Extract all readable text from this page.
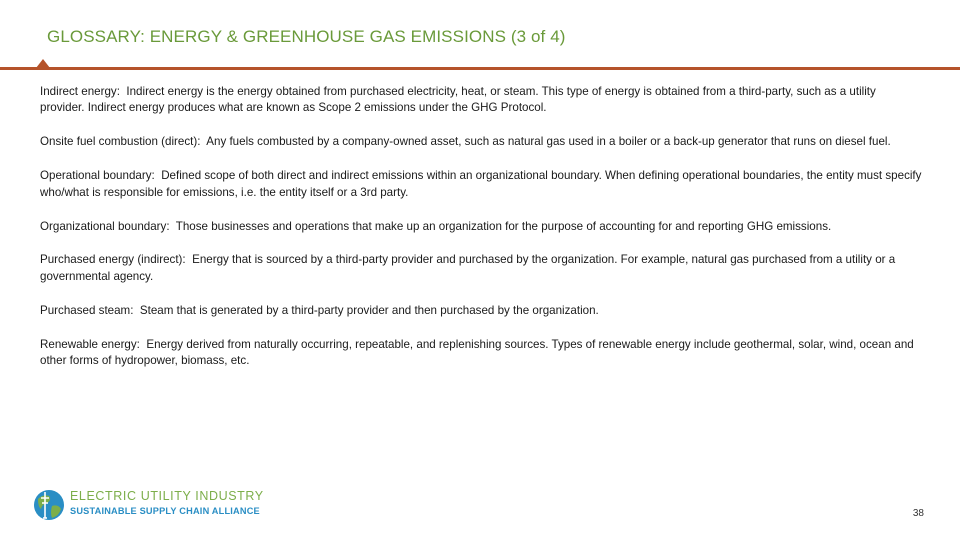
GLOSSARY: ENERGY & GREENHOUSE GAS EMISSIONS (3 of 4)
Indirect energy: Indirect energy is the energy obtained from purchased electricity, heat, or steam. This type of energy is obtained from a third-party, such as a utility provider. Indirect energy produces what are known as Scope 2 emissions under the GHG Protocol.
Onsite fuel combustion (direct): Any fuels combusted by a company-owned asset, such as natural gas used in a boiler or a back-up generator that runs on diesel fuel.
Operational boundary: Defined scope of both direct and indirect emissions within an organizational boundary. When defining operational boundaries, the entity must specify who/what is responsible for emissions, i.e. the entity itself or a 3rd party.
Organizational boundary: Those businesses and operations that make up an organization for the purpose of accounting for and reporting GHG emissions.
Purchased energy (indirect): Energy that is sourced by a third-party provider and purchased by the organization. For example, natural gas purchased from a utility or a governmental agency.
Purchased steam: Steam that is generated by a third-party provider and then purchased by the organization.
Renewable energy: Energy derived from naturally occurring, repeatable, and replenishing sources. Types of renewable energy include geothermal, solar, wind, ocean and other forms of hydropower, biomass, etc.
ELECTRIC UTILITY INDUSTRY
SUSTAINABLE SUPPLY CHAIN ALLIANCE	38
